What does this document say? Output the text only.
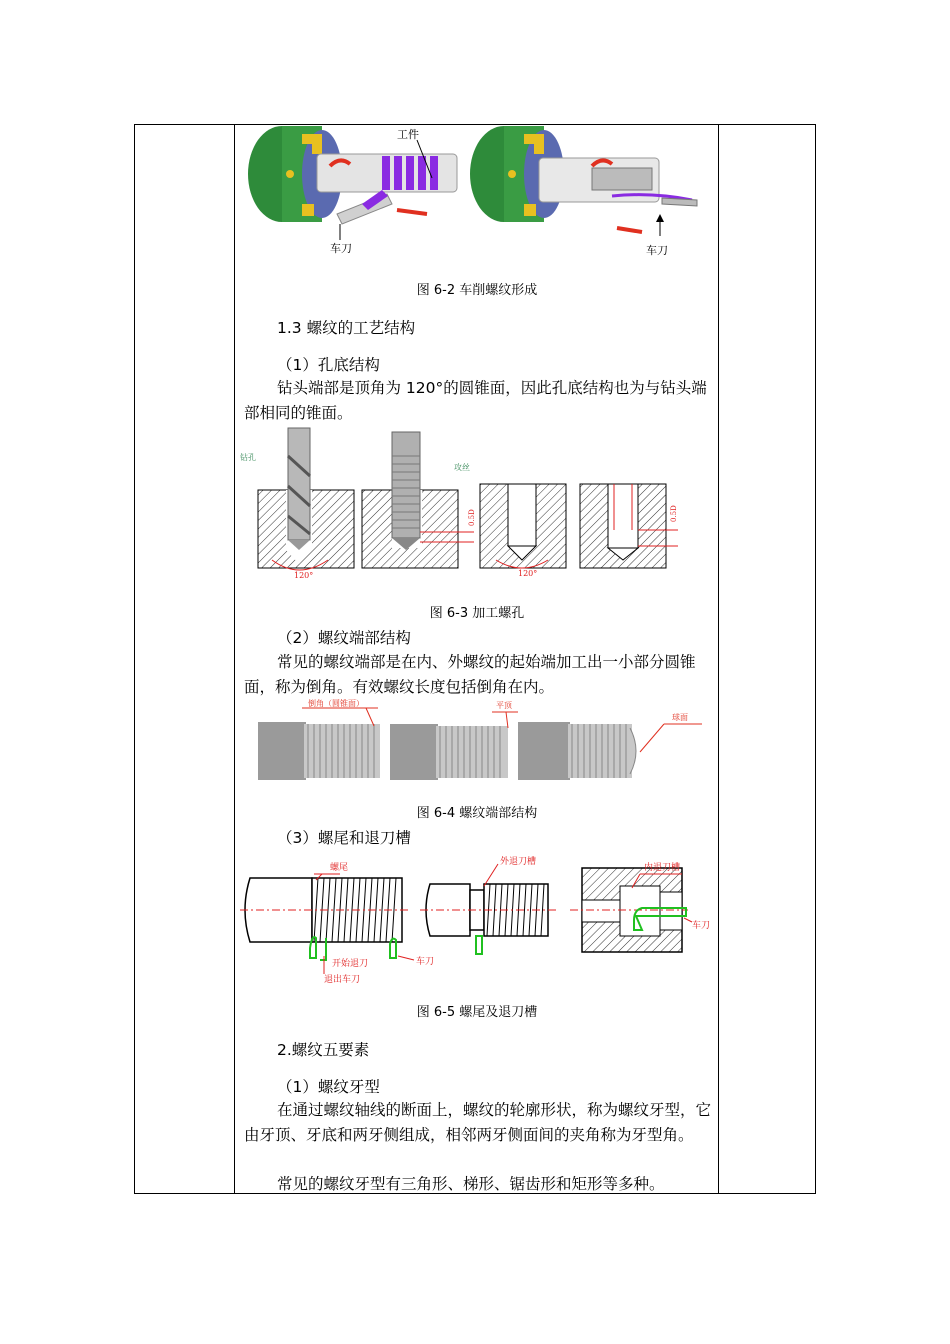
工件
车刀	车刀
图 6-2 车削螺纹形成
1.3 螺纹的工艺结构
（1）孔底结构

钻头端部是顶角为 120°的圆锥面，因此孔底结构也为与钻头端部相同的锥面。

钻孔
120°
攻丝
0.5D
120°
0.5D
图 6-3 加工螺孔
（2）螺纹端部结构

常见的螺纹端部是在内、外螺纹的起始端加工出一小部分圆锥面，称为倒角。有效螺纹长度包括倒角在内。

倒角（圆锥面）	平顶
球面
图 6-4 螺纹端部结构
（3）螺尾和退刀槽
螺尾
开始退刀
退出车刀
车刀
外退刀槽
内退刀槽
车刀
图 6-5 螺尾及退刀槽
2.螺纹五要素
（1）螺纹牙型

在通过螺纹轴线的断面上，螺纹的轮廓形状，称为螺纹牙型，它由牙顶、牙底和两牙侧组成，相邻两牙侧面间的夹角称为牙型角。

常见的螺纹牙型有三角形、梯形、锯齿形和矩形等多种。
